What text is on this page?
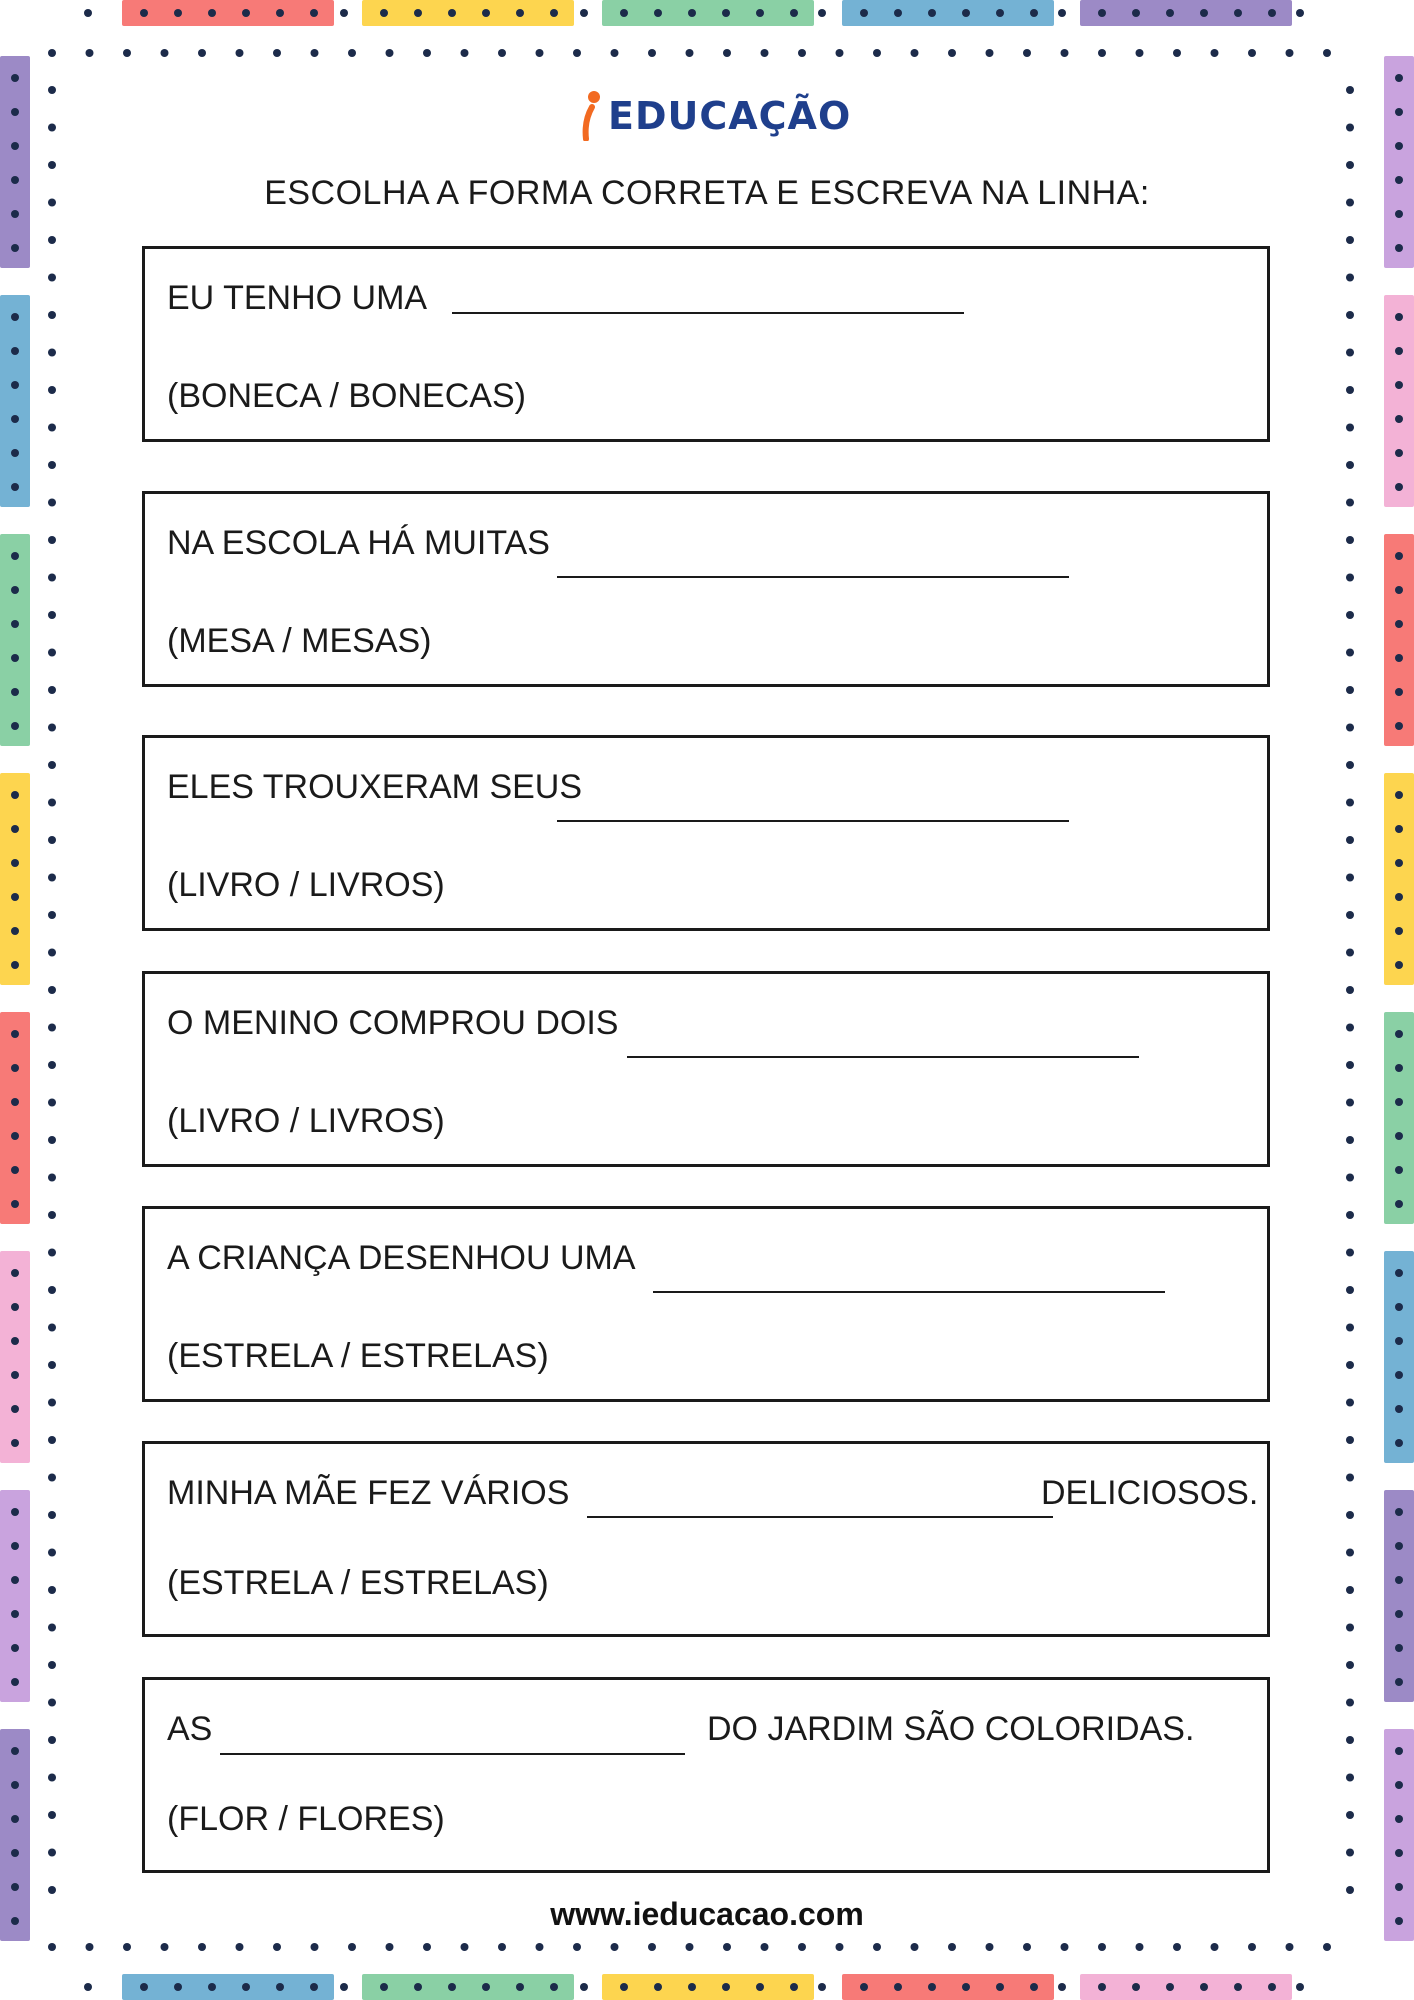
EDUCAÇÃO
ESCOLHA A FORMA CORRETA E ESCREVA NA LINHA:
EU TENHO UMA
(BONECA / BONECAS)
NA ESCOLA HÁ MUITAS
(MESA / MESAS)
ELES TROUXERAM SEUS
(LIVRO / LIVROS)
O MENINO COMPROU DOIS
(LIVRO / LIVROS)
A CRIANÇA DESENHOU UMA
(ESTRELA / ESTRELAS)
MINHA MÃE FEZ VÁRIOS	DELICIOSOS.
(ESTRELA / ESTRELAS)
AS	DO JARDIM SÃO COLORIDAS.
(FLOR / FLORES)
www.ieducacao.com
